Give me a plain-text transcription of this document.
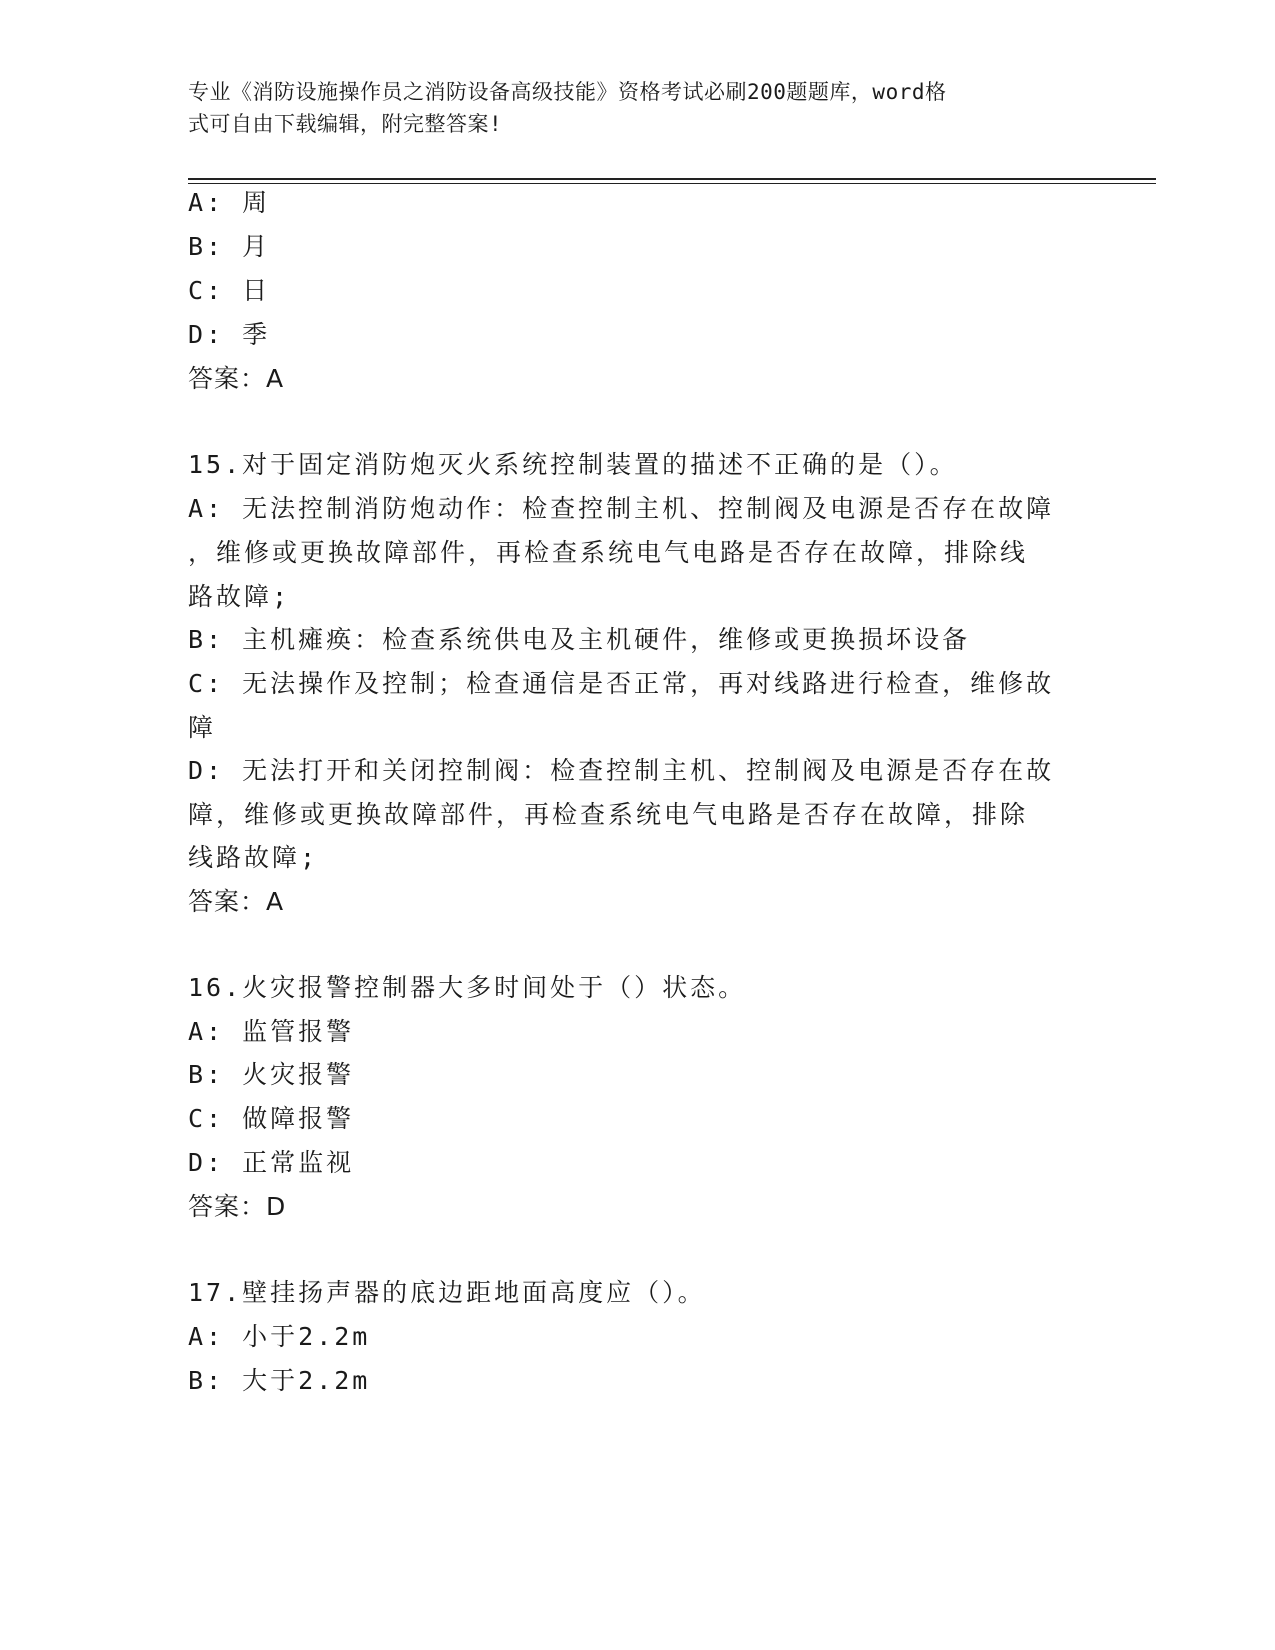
专业《消防设施操作员之消防设备高级技能》资格考试必刷200题题库，word格
式可自由下载编辑，附完整答案!
A: 周
B: 月
C: 日
D: 季
答案：A
15.对于固定消防炮灭火系统控制装置的描述不正确的是（）。
A: 无法控制消防炮动作：检查控制主机、控制阀及电源是否存在故障
，维修或更换故障部件，再检查系统电气电路是否存在故障，排除线
路故障;
B: 主机瘫痪：检查系统供电及主机硬件，维修或更换损坏设备
C: 无法操作及控制；检查通信是否正常，再对线路进行检查，维修故
障
D: 无法打开和关闭控制阀：检查控制主机、控制阀及电源是否存在故
障，维修或更换故障部件，再检查系统电气电路是否存在故障，排除
线路故障;
答案：A
16.火灾报警控制器大多时间处于（）状态。
A: 监管报警
B: 火灾报警
C: 做障报警
D: 正常监视
答案：D
17.壁挂扬声器的底边距地面高度应（）。
A: 小于2.2m
B: 大于2.2m
